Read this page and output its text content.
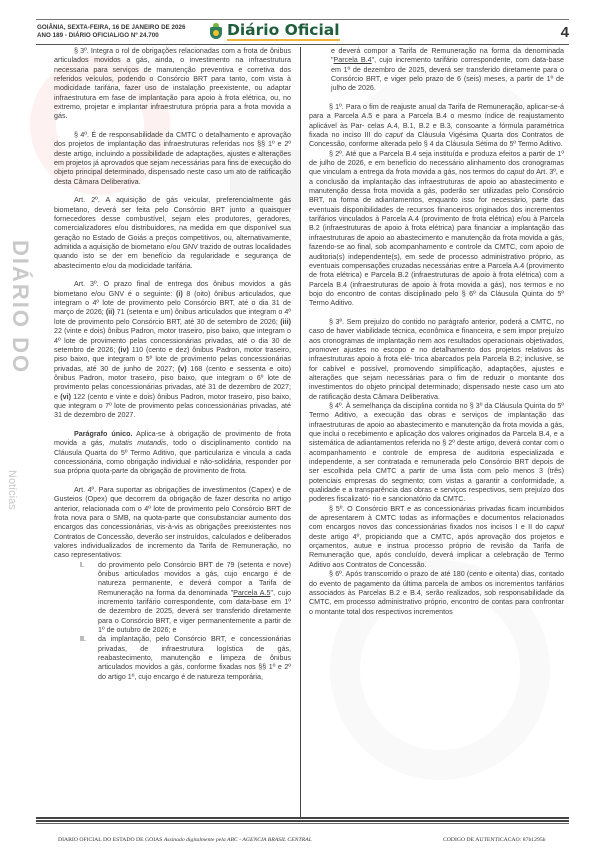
DIÁRIO DO
Notícias
GOIÂNIA, SEXTA-FEIRA, 16 DE JANEIRO DE 2026
ANO 189 - DIÁRIO OFICIAL/GO Nº 24.700	Diário Oficial	4

§ 3º. Integra o rol de obrigações relacionadas com a frota de ônibus articulados movidos a gás, ainda, o investimento na infraestrutura necessaria para serviços de manutenção preventiva e corretiva dos referidos veículos, podendo o Consórcio BRT para tanto, com vista à modicidade tarifária, fazer uso de instalação preexistente, ou adaptar infraestrutura em fase de implantação para apoio à frota elétrica, ou, no extremo, projetar e implantar infraestrutura própria para a frota movida a gás.

§ 4º. É de responsabilidade da CMTC o detalhamento e aprovação dos projetos de implantação das infraestruturas referidas nos §§ 1º e 2º deste artigo, incluindo a possibilidade de adaptações, ajustes e alterações em projetos já aprovados que sejam necessárias para fins de execução do objeto principal determinado, dispensado neste caso um ato de ratificação desta Câmara Deliberativa.

Art. 2º. A aquisição de gás veicular, preferencialmente gás biometano, deverá ser feita pelo Consórcio BRT junto a quaisquer fornecedores desse combustível, sejam eles produtores, geradores, comercializadores e/ou distribuidores, na medida em que disponível sua geração no Estado de Goiás a preços competitivos, ou, alternativamente, admitida a aquisição de biometano e/ou GNV trazido de outras localidades quando isto se der em benefício da regularidade e segurança de abastecimento e/ou da modicidade tarifária.

Art. 3º. O prazo final de entrega dos ônibus movidos a gás biometano e/ou GNV é o seguinte: (i) 8 (oito) ônibus articulados, que integram o 4º lote de provimento pelo Consórcio BRT, até o dia 31 de março de 2026; (ii) 71 (setenta e um) ônibus articulados que integram o 4º lote de provimento pelo Consórcio BRT, até 30 de setembro de 2026; (iii) 22 (vinte e dois) ônibus Padron, motor traseiro, piso baixo, que integram o 4º lote de provimento pelas concessionárias privadas, até o dia 30 de setembro de 2026; (iv) 110 (cento e dez) ônibus Padron, motor traseiro, piso baixo, que integram o 5º lote de provimento pelas concessionárias privadas, até 30 de junho de 2027; (v) 168 (cento e sessenta e oito) ônibus Padron, motor traseiro, piso baixo, que integram o 6º lote de provimento pelas concessionárias privadas, até 31 de dezembro de 2027; e (vi) 122 (cento e vinte e dois) ônibus Padron, motor traseiro, piso baixo, que integram o 7º lote de provimento pelas concessionárias privadas, até 31 de dezembro de 2027.

Parágrafo único. Aplica-se à obrigação de provimento de frota movida a gás, mutatis mutandis, todo o disciplinamento contido na Cláusula Quarta do 5º Termo Aditivo, que particulariza e vincula a cada concessionária, como obrigação individual e não-solidária, responder por sua própria quota-parte da obrigação de provimento de frota.

Art. 4º. Para suportar as obrigações de investimentos (Capex) e de Gusteios (Opex) que decorrem da obrigação de fazer descrita no artigo anterior, relacionada com o 4º lote de provimento pelo Consórcio BRT de frota nova para o SMB, na quota-parte que consubstanciar aumento dos encargos das concessionárias, vis-à-vis as obrigações preexistentes nos Contratos de Concessão, deverão ser instruídos, calculados e deliberados valores individualizados de incremento da Tarifa de Remuneração, no caso representativos:

I.	do provimento pelo Consórcio BRT de 79 (setenta e nove) ônibus articulados movidos a gás, cujo encargo é de natureza permanente, e deverá compor a Tarifa de Remuneração na forma da denominada "Parcela A.5", cujo incremento tarifário correspondente, com data-base em 1º de dezembro de 2025, deverá ser transferido diretamente para o Consórcio BRT, e viger permanentemente a partir de 1º de outubro de 2026; e
II.	da implantação, pelo Consórcio BRT, e concessionárias privadas, de infraestrutura logística de gás, reabastecimento, manutenção e limpeza de ônibus articulados movidos a gás, conforme fixadas nos §§ 1º e 2º do artigo 1º, cujo encargo é de natureza temporária,

e deverá compor a Tarifa de Remuneração na forma da denominada "Parcela B.4", cujo incremento tarifário correspondente, com data-base em 1º de dezembro de 2025, deverá ser transferido diretamente para o Consórcio BRT, e viger pelo prazo de 6 (seis) meses, a partir de 1º de julho de 2026.

§ 1º. Para o fim de reajuste anual da Tarifa de Remuneração, aplicar-se-á para a Parcela A.5 e para a Parcela B.4 o mesmo índice de reajustamento aplicável às Par- celas A.4, B.1, B.2 e B.3, consoante a fórmula paramétrica fixada no inciso III do caput da Cláusula Vigésima Quarta dos Contratos de Concessão, conforme alterada pelo § 4 da Cláusula Sétima do 5º Termo Aditivo.

§ 2º. Até que a Parcela B.4 seja instituída e produza efeitos a partir de 1º de julho de 2026, e em benefício do necessário alinhamento dos cronogramas que vinculam a entrega da frota movida a gás, nos termos do caput do Art. 3º, e a conclusão da implantação das infraestruturas de apoio ao abastecimento e manutenção dessa frota movida a gás, poderão ser utilizadas pelo Consórcio BRT, na forma de adiantamentos, enquanto isso for necessário, parte das eventuais disponibilidades de recursos financeiros originados dos incrementos tarifários vinculados à Parcela A.4 (provimento de frota elétrica) e/ou à Parcela B.2 (infraestruturas de apoio à frota elétrica) para financiar a implantação das infraestruturas de apoio ao abastecimento e manutenção da frota movida a gás, fazendo-se ao final, sob acompanhamento e controle da CMTC, com apoio de auditoria(s) independente(s), em sede de processo administrativo próprio, as eventuais compensações cruzadas necessárias entre a Parcela A.4 (provimento de frota elétrica) e Parcela B.2 (infraestruturas de apoio à frota elétrica) com a Parcela B.4 (infraestruturas de apoio à frota movida a gás), nos termos e no bojo do encontro de contas disciplinado pelo § 6º da Cláusula Quinta do 5º Termo Aditivo.

§ 3º. Sem prejuízo do contido no parágrafo anterior, poderá a CMTC, no caso de haver viabilidade técnica, econômica e financeira, e sem impor prejuízo aos cronogramas de implantação nem aos resultados operacionais objetivados, promover ajustes no escopo e no detalhamento dos projetos relativos às infraestruturas apoio à frota elé- trica abarcados pela Parcela B.2; inclusive, se for cabível e possível, promovendo simplificação, adaptações, ajustes e alterações que sejam necessárias para o fim de reduzir o montante dos investimentos do objeto principal determinado; dispensado neste caso um ato de ratificação desta Câmara Deliberativa.

§ 4º. À semelhança da disciplina contida no § 3º da Cláusula Quinta do 5º Termo Aditivo, a execução das obras e serviços de implantação das infraestruturas de apoio ao abastecimento e manutenção da frota movida a gás, que inclui o recebimento e aplicação dos valores originados da Parcela B.4, e a sistemática de adiantamentos referida no § 2º deste artigo, deverá contar com o acompanhamento e controle de empresa de auditoria especializada e independente, a ser contratada e remunerada pelo Consórcio BRT depois de ser escolhida pela CMTC a partir de uma lista com pelo menos 3 (três) potenciais empresas do segmento; com vistas a garantir a conformidade, a qualidade e a transparência das obras e serviços respectivos, sem prejuízo dos poderes fiscalizató- rio e sancionatório da CMTC.

§ 5º. O Consórcio BRT e as concessionárias privadas ficam incumbidos de apresentarem à CMTC todas as informações e documentos relacionados com encargos novos das concessionárias fixados nos incisos I e II do caput deste artigo 4º, propiciando que a CMTC, após aprovação dos projetos e orçamentos, autue e instrua processo próprio de revisão da Tarifa de Remuneração que, após concluído, deverá implicar a celebração de Termo Aditivo aos Contratos de Concessão.

§ 6º. Após transcorrido o prazo de até 180 (cento e oitenta) dias, contado do evento de pagamento da última parcela de ambos os incrementos tarifários associados às Parcelas B.2 e B.4, serão realizados, sob responsabilidade da CMTC, em processo administrativo próprio, encontro de contas para confrontar o montante total dos respectivos incrementos

DIARIO OFICIAL DO ESTADO DE GOIAS Assinado digitalmente pela ABC - AGENCIA BRASIL CENTRAL	CODIGO DE AUTENTICACAO: 87b1295b
